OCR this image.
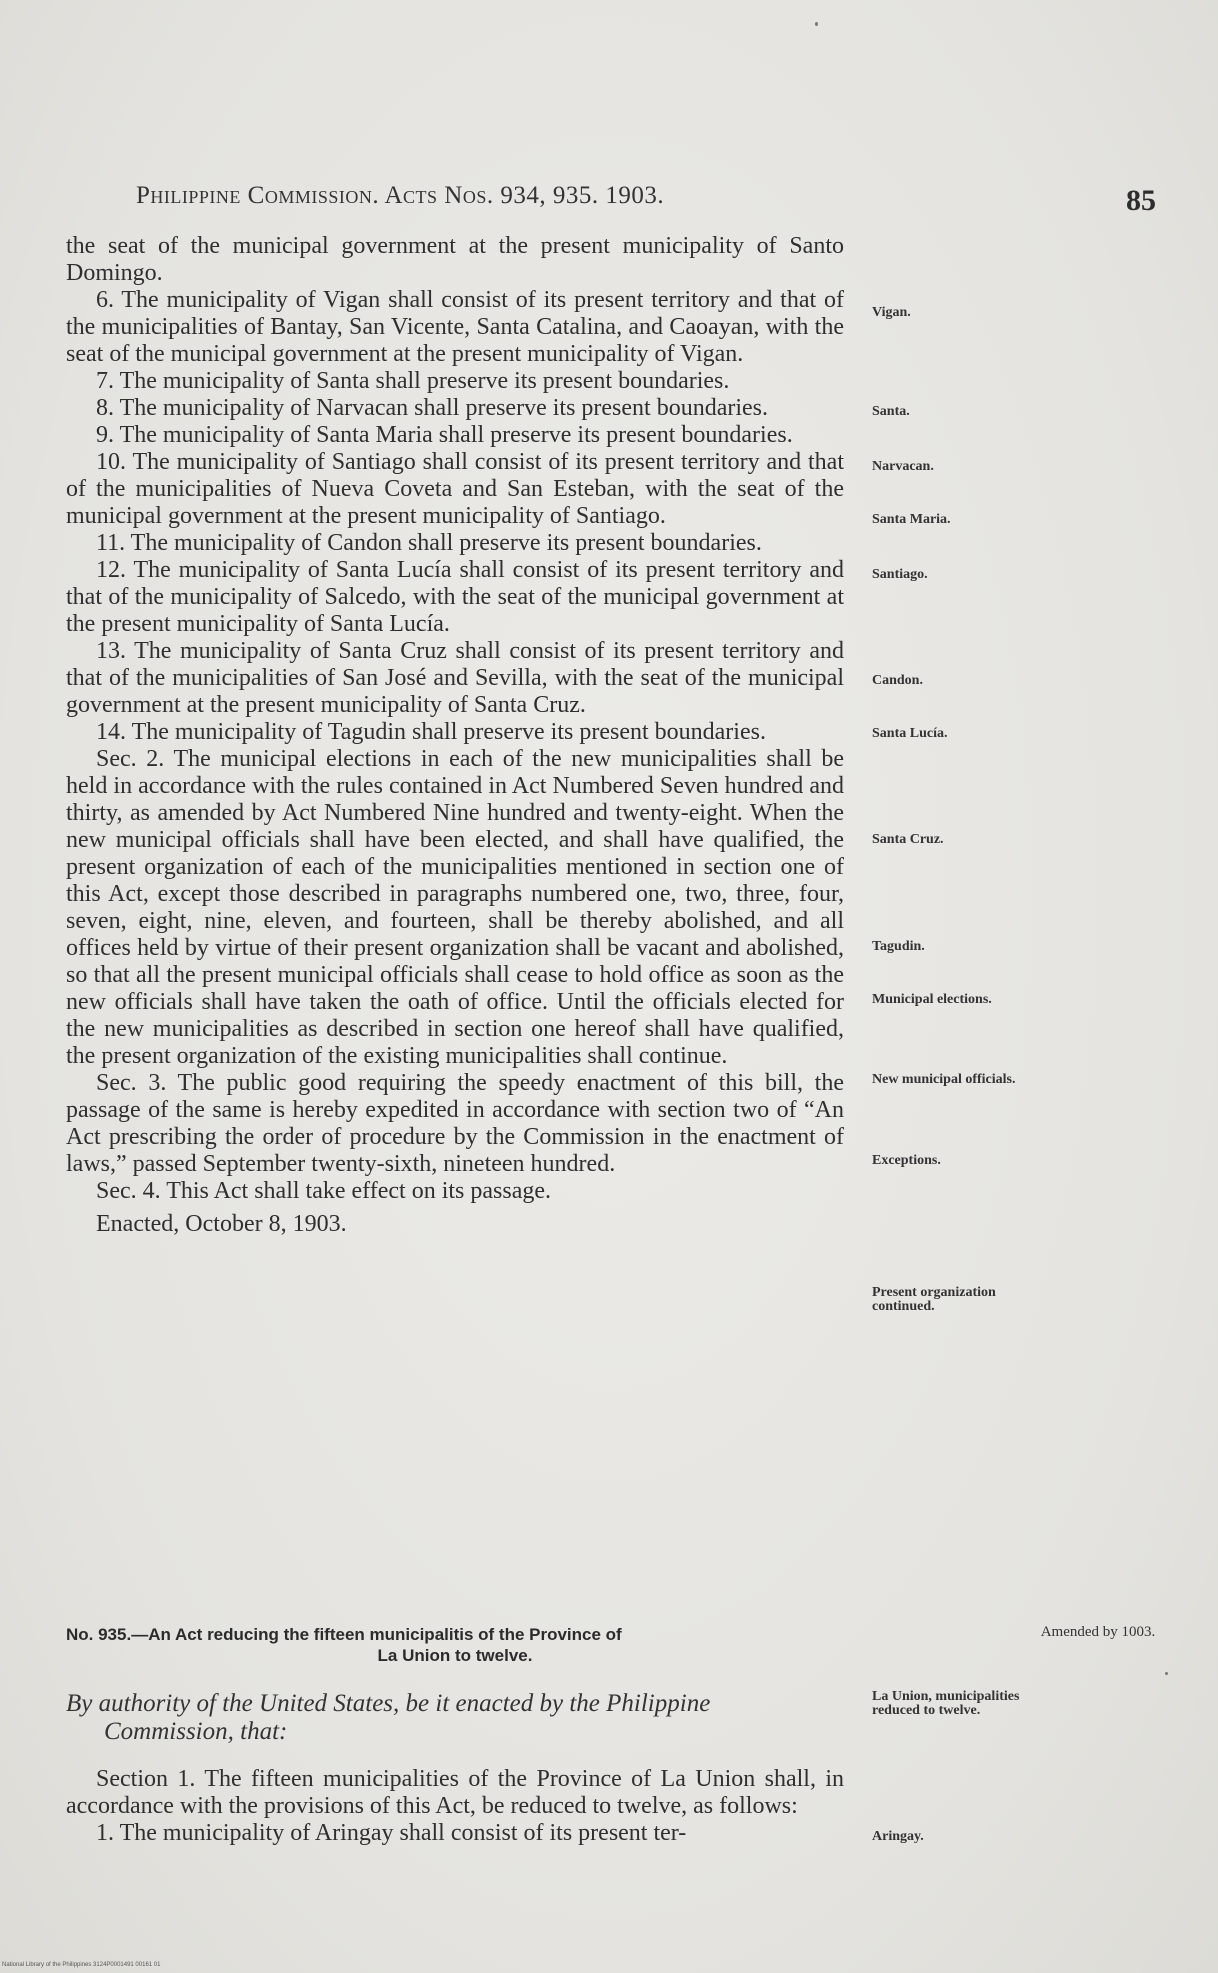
Philippine Commission. Acts Nos. 934, 935. 1903.	85

the seat of the municipal government at the present municipality of Santo Domingo.

6. The municipality of Vigan shall consist of its present territory and that of the municipalities of Bantay, San Vicente, Santa Catalina, and Caoayan, with the seat of the municipal government at the present municipality of Vigan.

7. The municipality of Santa shall preserve its present boundaries.

8. The municipality of Narvacan shall preserve its present boundaries.

9. The municipality of Santa Maria shall preserve its present boundaries.

10. The municipality of Santiago shall consist of its present territory and that of the municipalities of Nueva Coveta and San Esteban, with the seat of the municipal government at the present municipality of Santiago.

11. The municipality of Candon shall preserve its present boundaries.

12. The municipality of Santa Lucía shall consist of its present territory and that of the municipality of Salcedo, with the seat of the municipal government at the present municipality of Santa Lucía.

13. The municipality of Santa Cruz shall consist of its present territory and that of the municipalities of San José and Sevilla, with the seat of the municipal government at the present municipality of Santa Cruz.

14. The municipality of Tagudin shall preserve its present boundaries.

Sec. 2. The municipal elections in each of the new municipalities shall be held in accordance with the rules contained in Act Numbered Seven hundred and thirty, as amended by Act Numbered Nine hundred and twenty-eight. When the new municipal officials shall have been elected, and shall have qualified, the present organization of each of the municipalities mentioned in section one of this Act, except those described in paragraphs numbered one, two, three, four, seven, eight, nine, eleven, and fourteen, shall be thereby abolished, and all offices held by virtue of their present organization shall be vacant and abolished, so that all the present municipal officials shall cease to hold office as soon as the new officials shall have taken the oath of office. Until the officials elected for the new municipalities as described in section one hereof shall have qualified, the present organization of the existing municipalities shall continue.

Sec. 3. The public good requiring the speedy enactment of this bill, the passage of the same is hereby expedited in accordance with section two of “An Act prescribing the order of procedure by the Commission in the enactment of laws,” passed September twenty-sixth, nineteen hundred.

Sec. 4. This Act shall take effect on its passage.

Enacted, October 8, 1903.

Vigan.
Santa.
Narvacan.
Santa Maria.
Santiago.
Candon.
Santa Lucía.
Santa Cruz.
Tagudin.
Municipal elections.
New municipal officials.
Exceptions.
Present organization continued.
La Union, municipalities reduced to twelve.
Aringay.
Amended by 1003.
No. 935.—An Act reducing the fifteen municipalitis of the Province of
La Union to twelve.
By authority of the United States, be it enacted by the Philippine
Commission, that:

Section 1. The fifteen municipalities of the Province of La Union shall, in accordance with the provisions of this Act, be reduced to twelve, as follows:

1. The municipality of Aringay shall consist of its present ter-

National Library of the Philippines 3124P0001491 00161 01
